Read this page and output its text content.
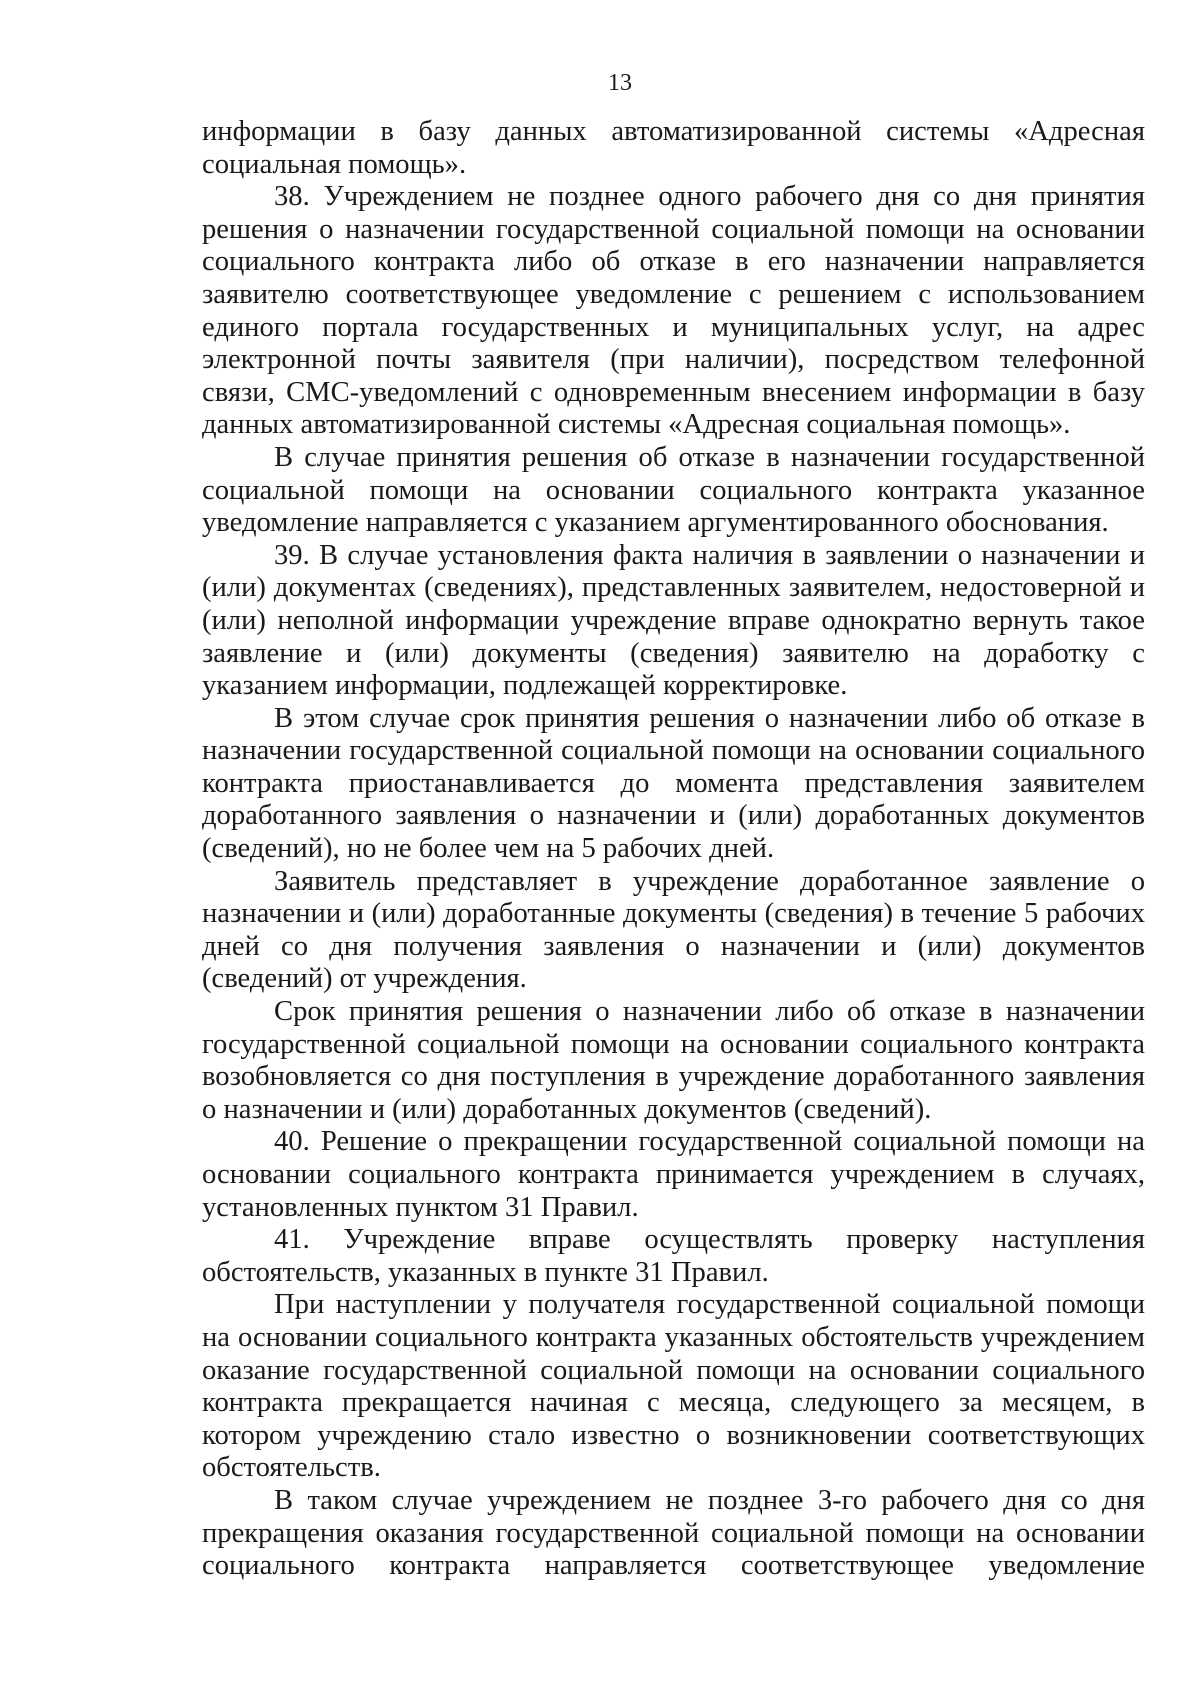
13

информации в базу данных автоматизированной системы «Адресная социальная помощь».

38. Учреждением не позднее одного рабочего дня со дня принятия решения о назначении государственной социальной помощи на основании социального контракта либо об отказе в его назначении направляется заявителю соответствующее уведомление с решением с использованием единого портала государственных и муниципальных услуг, на адрес электронной почты заявителя (при наличии), посредством телефонной связи, СМС-уведомлений с одновременным внесением информации в базу данных автоматизированной системы «Адресная социальная помощь».

В случае принятия решения об отказе в назначении государственной социальной помощи на основании социального контракта указанное уведомление направляется с указанием аргументированного обоснования.

39. В случае установления факта наличия в заявлении о назначении и (или) документах (сведениях), представленных заявителем, недостоверной и (или) неполной информации учреждение вправе однократно вернуть такое заявление и (или) документы (сведения) заявителю на доработку с указанием информации, подлежащей корректировке.

В этом случае срок принятия решения о назначении либо об отказе в назначении государственной социальной помощи на основании социального контракта приостанавливается до момента представления заявителем доработанного заявления о назначении и (или) доработанных документов (сведений), но не более чем на 5 рабочих дней.

Заявитель представляет в учреждение доработанное заявление о назначении и (или) доработанные документы (сведения) в течение 5 рабочих дней со дня получения заявления о назначении и (или) документов (сведений) от учреждения.

Срок принятия решения о назначении либо об отказе в назначении государственной социальной помощи на основании социального контракта возобновляется со дня поступления в учреждение доработанного заявления о назначении и (или) доработанных документов (сведений).

40. Решение о прекращении государственной социальной помощи на основании социального контракта принимается учреждением в случаях, установленных пунктом 31 Правил.

41. Учреждение вправе осуществлять проверку наступления обстоятельств, указанных в пункте 31 Правил.

При наступлении у получателя государственной социальной помощи на основании социального контракта указанных обстоятельств учреждением оказание государственной социальной помощи на основании социального контракта прекращается начиная с месяца, следующего за месяцем, в котором учреждению стало известно о возникновении соответствующих обстоятельств.

В таком случае учреждением не позднее 3-го рабочего дня со дня прекращения оказания государственной социальной помощи на основании социального контракта направляется соответствующее уведомление
